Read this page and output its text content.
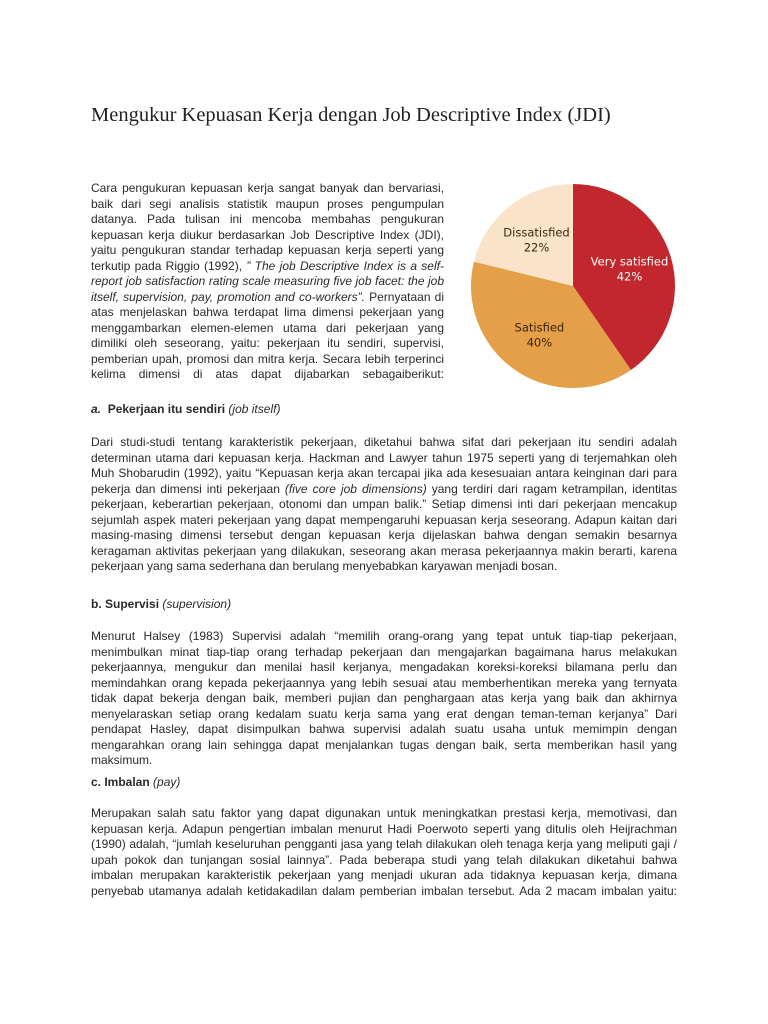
Mengukur Kepuasan Kerja dengan Job Descriptive Index (JDI)

Cara pengukuran kepuasan kerja sangat banyak dan bervariasi, baik dari segi analisis statistik maupun proses pengumpulan datanya. Pada tulisan ini mencoba membahas pengukuran kepuasan kerja diukur berdasarkan Job Descriptive Index (JDI), yaitu pengukuran standar terhadap kepuasan kerja seperti yang terkutip pada Riggio (1992), ” The job Descriptive Index is a self-report job satisfaction rating scale measuring five job facet: the job itself, supervision, pay, promotion and co-workers”. Pernyataan di atas menjelaskan bahwa terdapat lima dimensi pekerjaan yang menggambarkan elemen-elemen utama dari pekerjaan yang dimiliki oleh seseorang, yaitu: pekerjaan itu sendiri, supervisi, pemberian upah, promosi dan mitra kerja. Secara lebih terperinci kelima dimensi di atas dapat dijabarkan sebagaiberikut:

Very satisfied
42%
Satisfied
40%
Dissatisfied
22%

a. Pekerjaan itu sendiri (job itself)

Dari studi-studi tentang karakteristik pekerjaan, diketahui bahwa sifat dari pekerjaan itu sendiri adalah determinan utama dari kepuasan kerja. Hackman and Lawyer tahun 1975 seperti yang di terjemahkan oleh Muh Shobarudin (1992), yaitu “Kepuasan kerja akan tercapai jika ada kesesuaian antara keinginan dari para pekerja dan dimensi inti pekerjaan (five core job dimensions) yang terdiri dari ragam ketrampilan, identitas pekerjaan, keberartian pekerjaan, otonomi dan umpan balik.” Setiap dimensi inti dari pekerjaan mencakup sejumlah aspek materi pekerjaan yang dapat mempengaruhi kepuasan kerja seseorang. Adapun kaitan dari masing-masing dimensi tersebut dengan kepuasan kerja dijelaskan bahwa dengan semakin besarnya keragaman aktivitas pekerjaan yang dilakukan, seseorang akan merasa pekerjaannya makin berarti, karena pekerjaan yang sama sederhana dan berulang menyebabkan karyawan menjadi bosan.

b. Supervisi (supervision)

Menurut Halsey (1983) Supervisi adalah “memilih orang-orang yang tepat untuk tiap-tiap pekerjaan, menimbulkan minat tiap-tiap orang terhadap pekerjaan dan mengajarkan bagaimana harus melakukan pekerjaannya, mengukur dan menilai hasil kerjanya, mengadakan koreksi-koreksi bilamana perlu dan memindahkan orang kepada pekerjaannya yang lebih sesuai atau memberhentikan mereka yang ternyata tidak dapat bekerja dengan baik, memberi pujian dan penghargaan atas kerja yang baik dan akhirnya menyelaraskan setiap orang kedalam suatu kerja sama yang erat dengan teman-teman kerjanya” Dari pendapat Hasley, dapat disimpulkan bahwa supervisi adalah suatu usaha untuk memimpin dengan mengarahkan orang lain sehingga dapat menjalankan tugas dengan baik, serta memberikan hasil yang maksimum.

c. Imbalan (pay)

Merupakan salah satu faktor yang dapat digunakan untuk meningkatkan prestasi kerja, memotivasi, dan kepuasan kerja. Adapun pengertian imbalan menurut Hadi Poerwoto seperti yang ditulis oleh Heijrachman (1990) adalah, “jumlah keseluruhan pengganti jasa yang telah dilakukan oleh tenaga kerja yang meliputi gaji / upah pokok dan tunjangan sosial lainnya”. Pada beberapa studi yang telah dilakukan diketahui bahwa imbalan merupakan karakteristik pekerjaan yang menjadi ukuran ada tidaknya kepuasan kerja, dimana penyebab utamanya adalah ketidakadilan dalam pemberian imbalan tersebut. Ada 2 macam imbalan yaitu:
